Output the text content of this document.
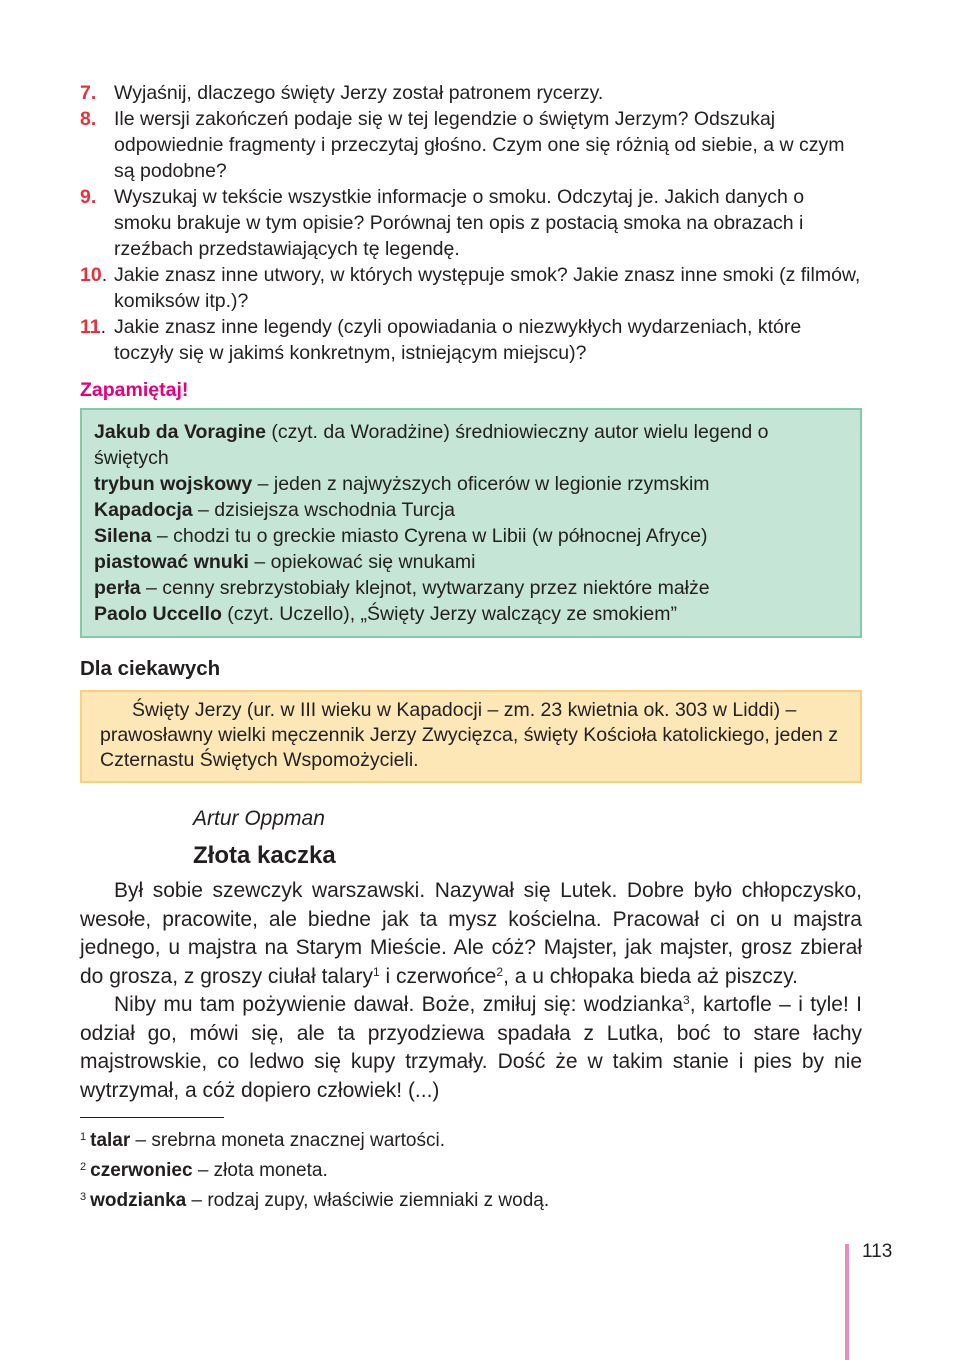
7. Wyjaśnij, dlaczego święty Jerzy został patronem rycerzy.
8. Ile wersji zakończeń podaje się w tej legendzie o świętym Jerzym? Odszukaj odpowiednie fragmenty i przeczytaj głośno. Czym one się różnią od siebie, a w czym są podobne?
9. Wyszukaj w tekście wszystkie informacje o smoku. Odczytaj je. Jakich danych o smoku brakuje w tym opisie? Porównaj ten opis z postacią smoka na obrazach i rzeźbach przedstawiających tę legendę.
10. Jakie znasz inne utwory, w których występuje smok? Jakie znasz inne smoki (z filmów, komiksów itp.)?
11. Jakie znasz inne legendy (czyli opowiadania o niezwykłych wydarzeniach, które toczyły się w jakimś konkretnym, istniejącym miejscu)?
Zapamiętaj!
Jakub da Voragine (czyt. da Woradżine) średniowieczny autor wielu legend o świętych
trybun wojskowy – jeden z najwyższych oficerów w legionie rzymskim
Kapadocja – dzisiejsza wschodnia Turcja
Silena – chodzi tu o greckie miasto Cyrena w Libii (w północnej Afryce)
piastować wnuki – opiekować się wnukami
perła – cenny srebrzystobiały klejnot, wytwarzany przez niektóre małże
Paolo Uccello (czyt. Uczello), „Święty Jerzy walczący ze smokiem”
Dla ciekawych

Święty Jerzy (ur. w III wieku w Kapadocji – zm. 23 kwietnia ok. 303 w Liddi) – prawosławny wielki męczennik Jerzy Zwycięzca, święty Kościoła katolickiego, jeden z Czternastu Świętych Wspomożycieli.

Artur Oppman
Złota kaczka

Był sobie szewczyk warszawski. Nazywał się Lutek. Dobre było chłopczysko, wesołe, pracowite, ale biedne jak ta mysz kościelna. Pracował ci on u majstra jednego, u majstra na Starym Mieście. Ale cóż? Majster, jak majster, grosz zbierał do grosza, z groszy ciułał talary$^1$ i czerwońce$^2$, a u chłopaka bieda aż piszczy.

Niby mu tam pożywienie dawał. Boże, zmiłuj się: wodzianka$^3$, kartofle – i tyle! I odział go, mówi się, ale ta przyodziewa spadała z Lutka, boć to stare łachy majstrowskie, co ledwo się kupy trzymały. Dość że w takim stanie i pies by nie wytrzymał, a cóż dopiero człowiek! (...)

$^1$ talar – srebrna moneta znacznej wartości.
$^2$ czerwoniec – złota moneta.
$^3$ wodzianka – rodzaj zupy, właściwie ziemniaki z wodą.
113
